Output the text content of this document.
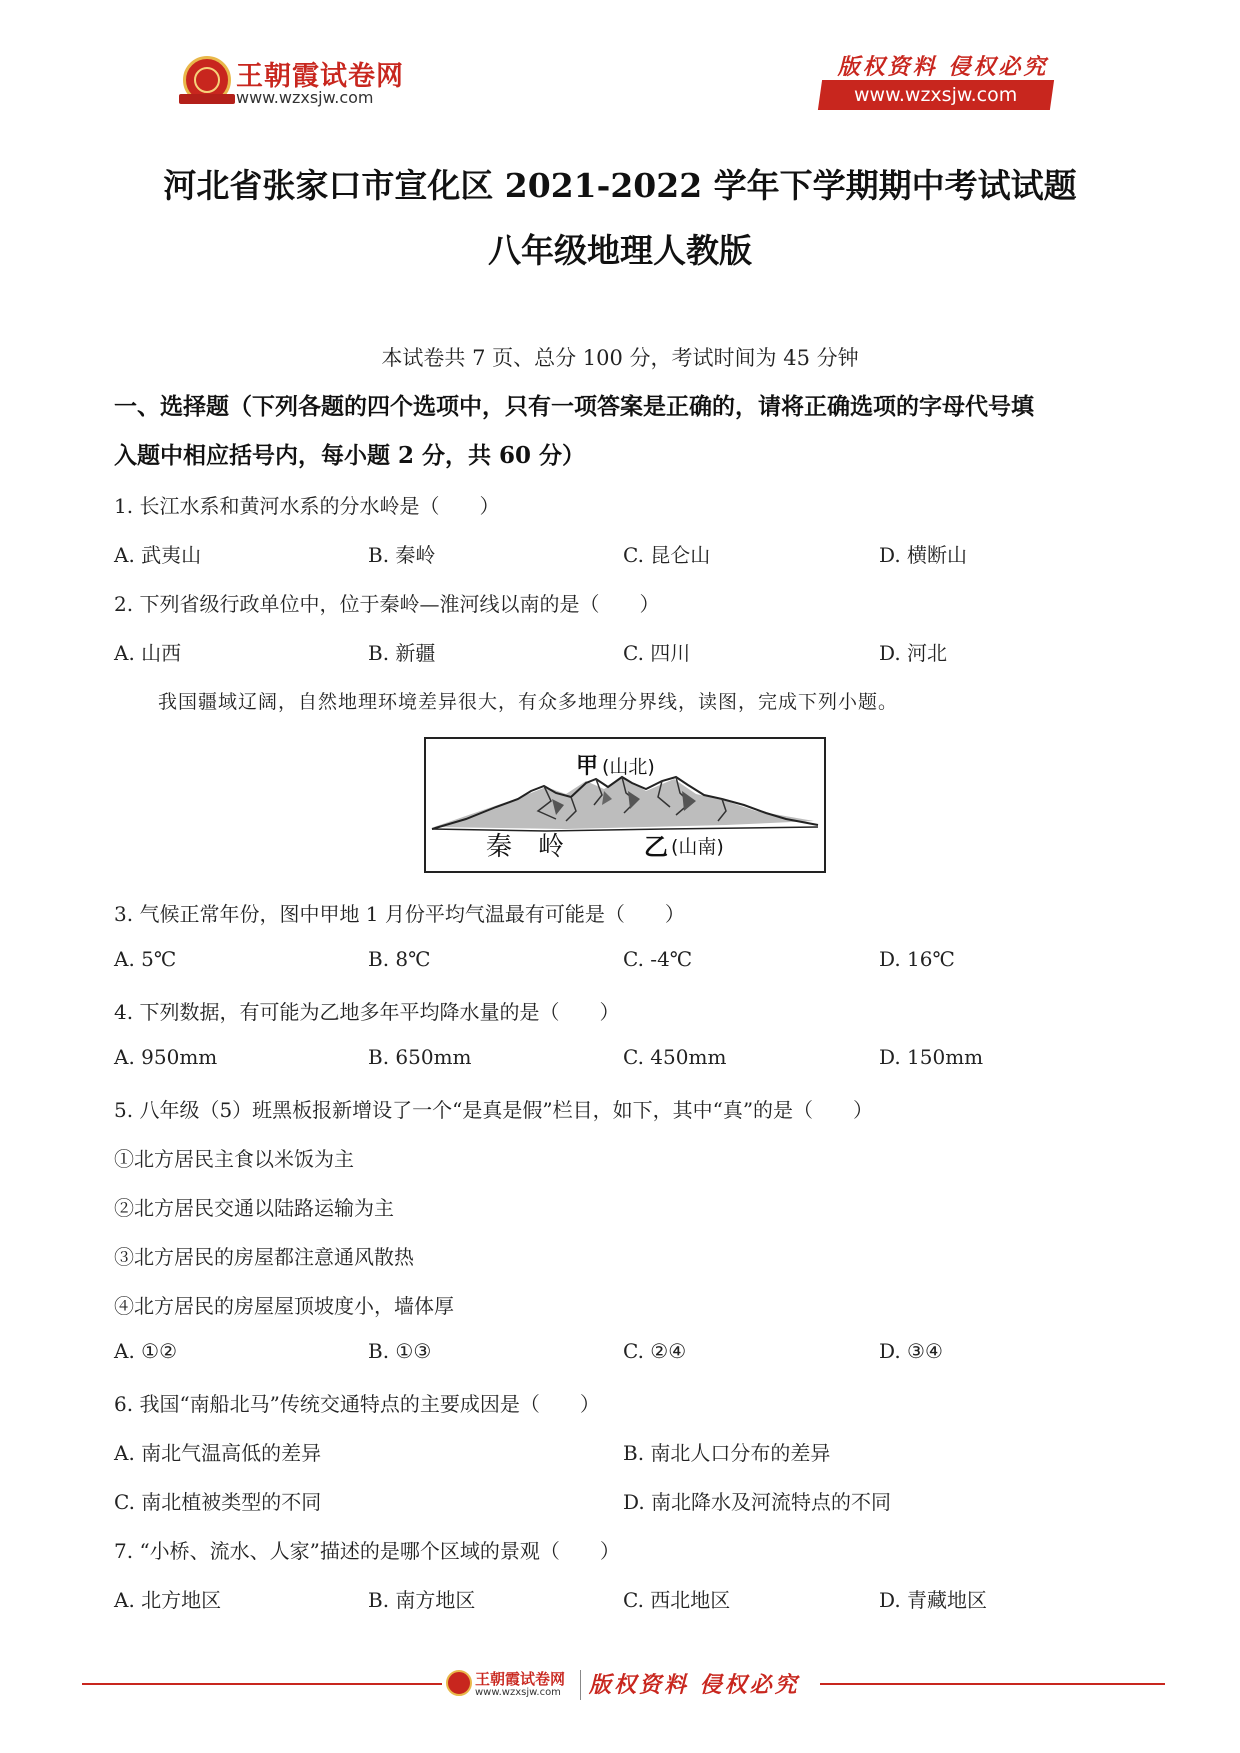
王朝霞试卷网
www.wzxsjw.com
版权资料 侵权必究
www.wzxsjw.com
河北省张家口市宣化区 2021-2022 学年下学期期中考试试题
八年级地理人教版
本试卷共 7 页、总分 100 分，考试时间为 45 分钟
一、选择题（下列各题的四个选项中，只有一项答案是正确的，请将正确选项的字母代号填
入题中相应括号内，每小题 2 分，共 60 分）
1. 长江水系和黄河水系的分水岭是（　　）
A. 武夷山	B. 秦岭	C. 昆仑山	D. 横断山
2. 下列省级行政单位中，位于秦岭—淮河线以南的是（　　）
A. 山西	B. 新疆	C. 四川	D. 河北
我国疆域辽阔，自然地理环境差异很大，有众多地理分界线，读图，完成下列小题。
甲 (山北)
秦　岭	乙 (山南)
3. 气候正常年份，图中甲地 1 月份平均气温最有可能是（　　）
A. 5℃	B. 8℃	C. -4℃	D. 16℃
4. 下列数据，有可能为乙地多年平均降水量的是（　　）
A. 950mm	B. 650mm	C. 450mm	D. 150mm
5. 八年级（5）班黑板报新增设了一个“是真是假”栏目，如下，其中“真”的是（　　）
①北方居民主食以米饭为主
②北方居民交通以陆路运输为主
③北方居民的房屋都注意通风散热
④北方居民的房屋屋顶坡度小，墙体厚
A. ①②	B. ①③	C. ②④	D. ③④
6. 我国“南船北马”传统交通特点的主要成因是（　　）
A. 南北气温高低的差异	B. 南北人口分布的差异
C. 南北植被类型的不同	D. 南北降水及河流特点的不同
7. “小桥、流水、人家”描述的是哪个区域的景观（　　）
A. 北方地区	B. 南方地区	C. 西北地区	D. 青藏地区
王朝霞试卷网
www.wzxsjw.com 版权资料 侵权必究
